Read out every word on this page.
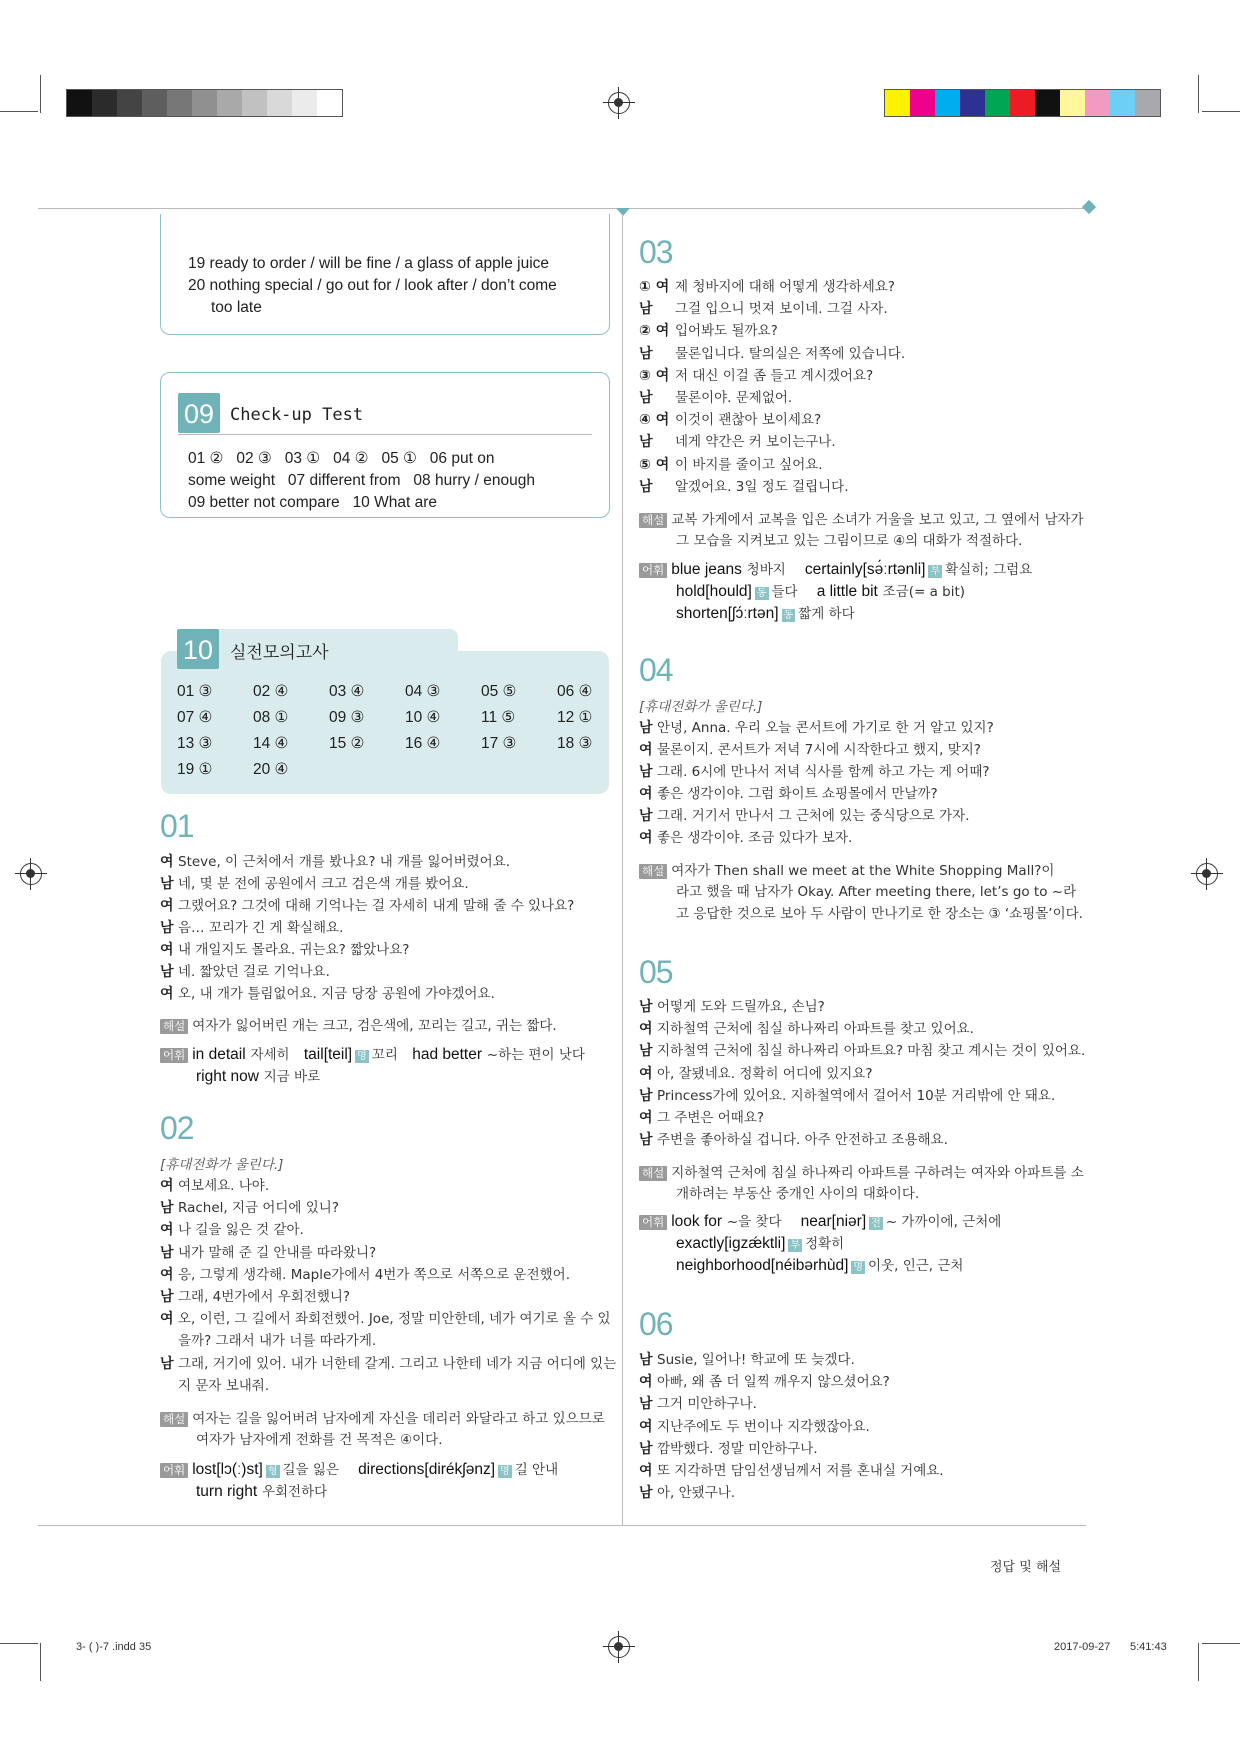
19 ready to order / will be fine / a glass of apple juice
20 nothing special / go out for / look after / don’t come
too late
09 Check-up Test
01 ②   02 ③   03 ①   04 ②   05 ①   06 put on
some weight   07 different from   08 hurry / enough
09 better not compare   10 What are
10 실전모의고사
01 ③	02 ④	03 ④	04 ③	05 ⑤	06 ④
07 ④	08 ①	09 ③	10 ④	11 ⑤	12 ①
13 ③	14 ④	15 ②	16 ④	17 ③	18 ③
19 ①	20 ④
01
여 Steve, 이 근처에서 개를 봤나요? 내 개를 잃어버렸어요.
남 네, 몇 분 전에 공원에서 크고 검은색 개를 봤어요.
여 그랬어요? 그것에 대해 기억나는 걸 자세히 내게 말해 줄 수 있나요?
남 음… 꼬리가 긴 게 확실해요.
여 내 개일지도 몰라요. 귀는요? 짧았나요?
남 네. 짧았던 걸로 기억나요.
여 오, 내 개가 틀림없어요. 지금 당장 공원에 가야겠어요.
해설 여자가 잃어버린 개는 크고, 검은색에, 꼬리는 길고, 귀는 짧다.
어휘 in detail 자세히 tail[teil] 명 꼬리 had better ~하는 편이 낫다
right now 지금 바로
02
[휴대전화가 울린다.]
여 여보세요. 나야.
남 Rachel, 지금 어디에 있니?
여 나 길을 잃은 것 같아.
남 내가 말해 준 길 안내를 따라왔니?
여 응, 그렇게 생각해. Maple가에서 4번가 쪽으로 서쪽으로 운전했어.
남 그래, 4번가에서 우회전했니?
여 오, 이런, 그 길에서 좌회전했어. Joe, 정말 미안한데, 네가 여기로 올 수 있
을까? 그래서 내가 너를 따라가게.
남 그래, 거기에 있어. 내가 너한테 갈게. 그리고 나한테 네가 지금 어디에 있는
지 문자 보내줘.
해설 여자는 길을 잃어버려 남자에게 자신을 데리러 와달라고 하고 있으므로
여자가 남자에게 전화를 건 목적은 ④이다.
어휘 lost[lɔ(ː)st] 형 길을 잃은 directions[dirékʃənz] 명 길 안내
turn right 우회전하다
03
① 여 제 청바지에 대해 어떻게 생각하세요?
남 그걸 입으니 멋져 보이네. 그걸 사자.
② 여 입어봐도 될까요?
남 물론입니다. 탈의실은 저쪽에 있습니다.
③ 여 저 대신 이걸 좀 들고 계시겠어요?
남 물론이야. 문제없어.
④ 여 이것이 괜찮아 보이세요?
남 네게 약간은 커 보이는구나.
⑤ 여 이 바지를 줄이고 싶어요.
남 알겠어요. 3일 정도 걸립니다.
해설 교복 가게에서 교복을 입은 소녀가 거울을 보고 있고, 그 옆에서 남자가
그 모습을 지켜보고 있는 그림이므로 ④의 대화가 적절하다.
어휘 blue jeans 청바지 certainly[sə́ːrtənli] 부 확실히; 그럼요
hold[hould] 동 들다 a little bit 조금(= a bit)
shorten[ʃɔ́ːrtən] 동 짧게 하다
04
[휴대전화가 울린다.]
남 안녕, Anna. 우리 오늘 콘서트에 가기로 한 거 알고 있지?
여 물론이지. 콘서트가 저녁 7시에 시작한다고 했지, 맞지?
남 그래. 6시에 만나서 저녁 식사를 함께 하고 가는 게 어때?
여 좋은 생각이야. 그럼 화이트 쇼핑몰에서 만날까?
남 그래. 거기서 만나서 그 근처에 있는 중식당으로 가자.
여 좋은 생각이야. 조금 있다가 보자.
해설 여자가 Then shall we meet at the White Shopping Mall?이
라고 했을 때 남자가 Okay. After meeting there, let’s go to ~라
고 응답한 것으로 보아 두 사람이 만나기로 한 장소는 ③ ‘쇼핑몰’이다.
05
남 어떻게 도와 드릴까요, 손님?
여 지하철역 근처에 침실 하나짜리 아파트를 찾고 있어요.
남 지하철역 근처에 침실 하나짜리 아파트요? 마침 찾고 계시는 것이 있어요.
여 아, 잘됐네요. 정확히 어디에 있지요?
남 Princess가에 있어요. 지하철역에서 걸어서 10분 거리밖에 안 돼요.
여 그 주변은 어때요?
남 주변을 좋아하실 겁니다. 아주 안전하고 조용해요.
해설 지하철역 근처에 침실 하나짜리 아파트를 구하려는 여자와 아파트를 소
개하려는 부동산 중개인 사이의 대화이다.
어휘 look for ~을 찾다 near[niər] 전 ~ 가까이에, 근처에
exactly[igzǽktli] 부 정확히
neighborhood[néibərhùd] 명 이웃, 인근, 근처
06
남 Susie, 일어나! 학교에 또 늦겠다.
여 아빠, 왜 좀 더 일찍 깨우지 않으셨어요?
남 그거 미안하구나.
여 지난주에도 두 번이나 지각했잖아요.
남 깜박했다. 정말 미안하구나.
여 또 지각하면 담임선생님께서 저를 혼내실 거예요.
남 아, 안됐구나.
정답 및 해설
3- ( )-7 .indd 35	2017-09-27 5:41:43
